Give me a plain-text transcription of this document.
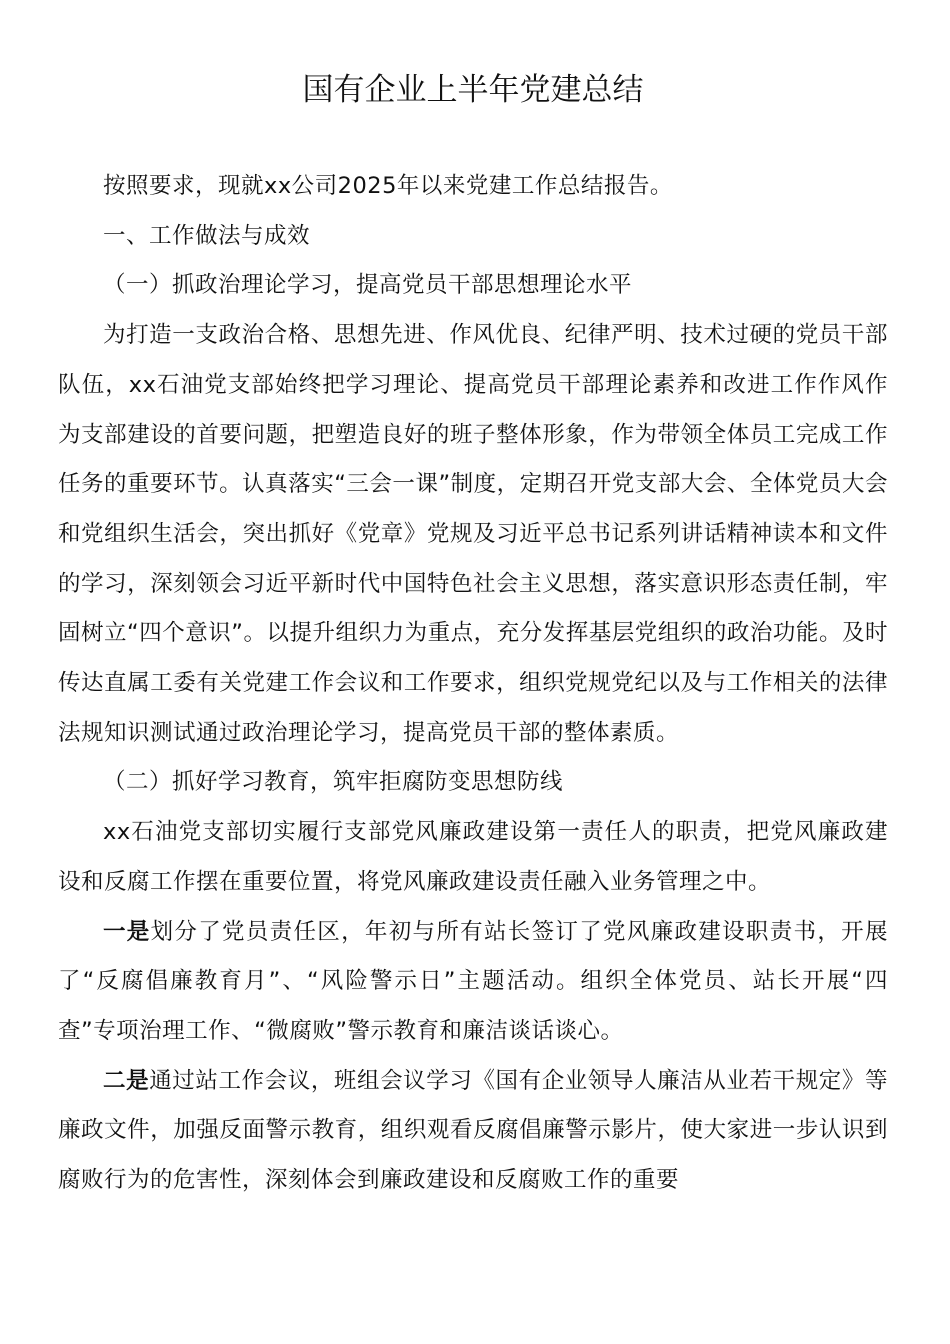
国有企业上半年党建总结

按照要求，现就xx公司2025年以来党建工作总结报告。

一、工作做法与成效

（一）抓政治理论学习，提高党员干部思想理论水平

为打造一支政治合格、思想先进、作风优良、纪律严明、技术过硬的党员干部队伍，xx石油党支部始终把学习理论、提高党员干部理论素养和改进工作作风作为支部建设的首要问题，把塑造良好的班子整体形象，作为带领全体员工完成工作任务的重要环节。认真落实“三会一课”制度，定期召开党支部大会、全体党员大会和党组织生活会，突出抓好《党章》党规及习近平总书记系列讲话精神读本和文件的学习，深刻领会习近平新时代中国特色社会主义思想，落实意识形态责任制，牢固树立“四个意识”。以提升组织力为重点，充分发挥基层党组织的政治功能。及时传达直属工委有关党建工作会议和工作要求，组织党规党纪以及与工作相关的法律法规知识测试通过政治理论学习，提高党员干部的整体素质。

（二）抓好学习教育，筑牢拒腐防变思想防线

xx石油党支部切实履行支部党风廉政建设第一责任人的职责，把党风廉政建设和反腐工作摆在重要位置，将党风廉政建设责任融入业务管理之中。

一是划分了党员责任区，年初与所有站长签订了党风廉政建设职责书，开展了“反腐倡廉教育月”、“风险警示日”主题活动。组织全体党员、站长开展“四查”专项治理工作、“微腐败”警示教育和廉洁谈话谈心。

二是通过站工作会议，班组会议学习《国有企业领导人廉洁从业若干规定》等廉政文件，加强反面警示教育，组织观看反腐倡廉警示影片，使大家进一步认识到腐败行为的危害性，深刻体会到廉政建设和反腐败工作的重要
